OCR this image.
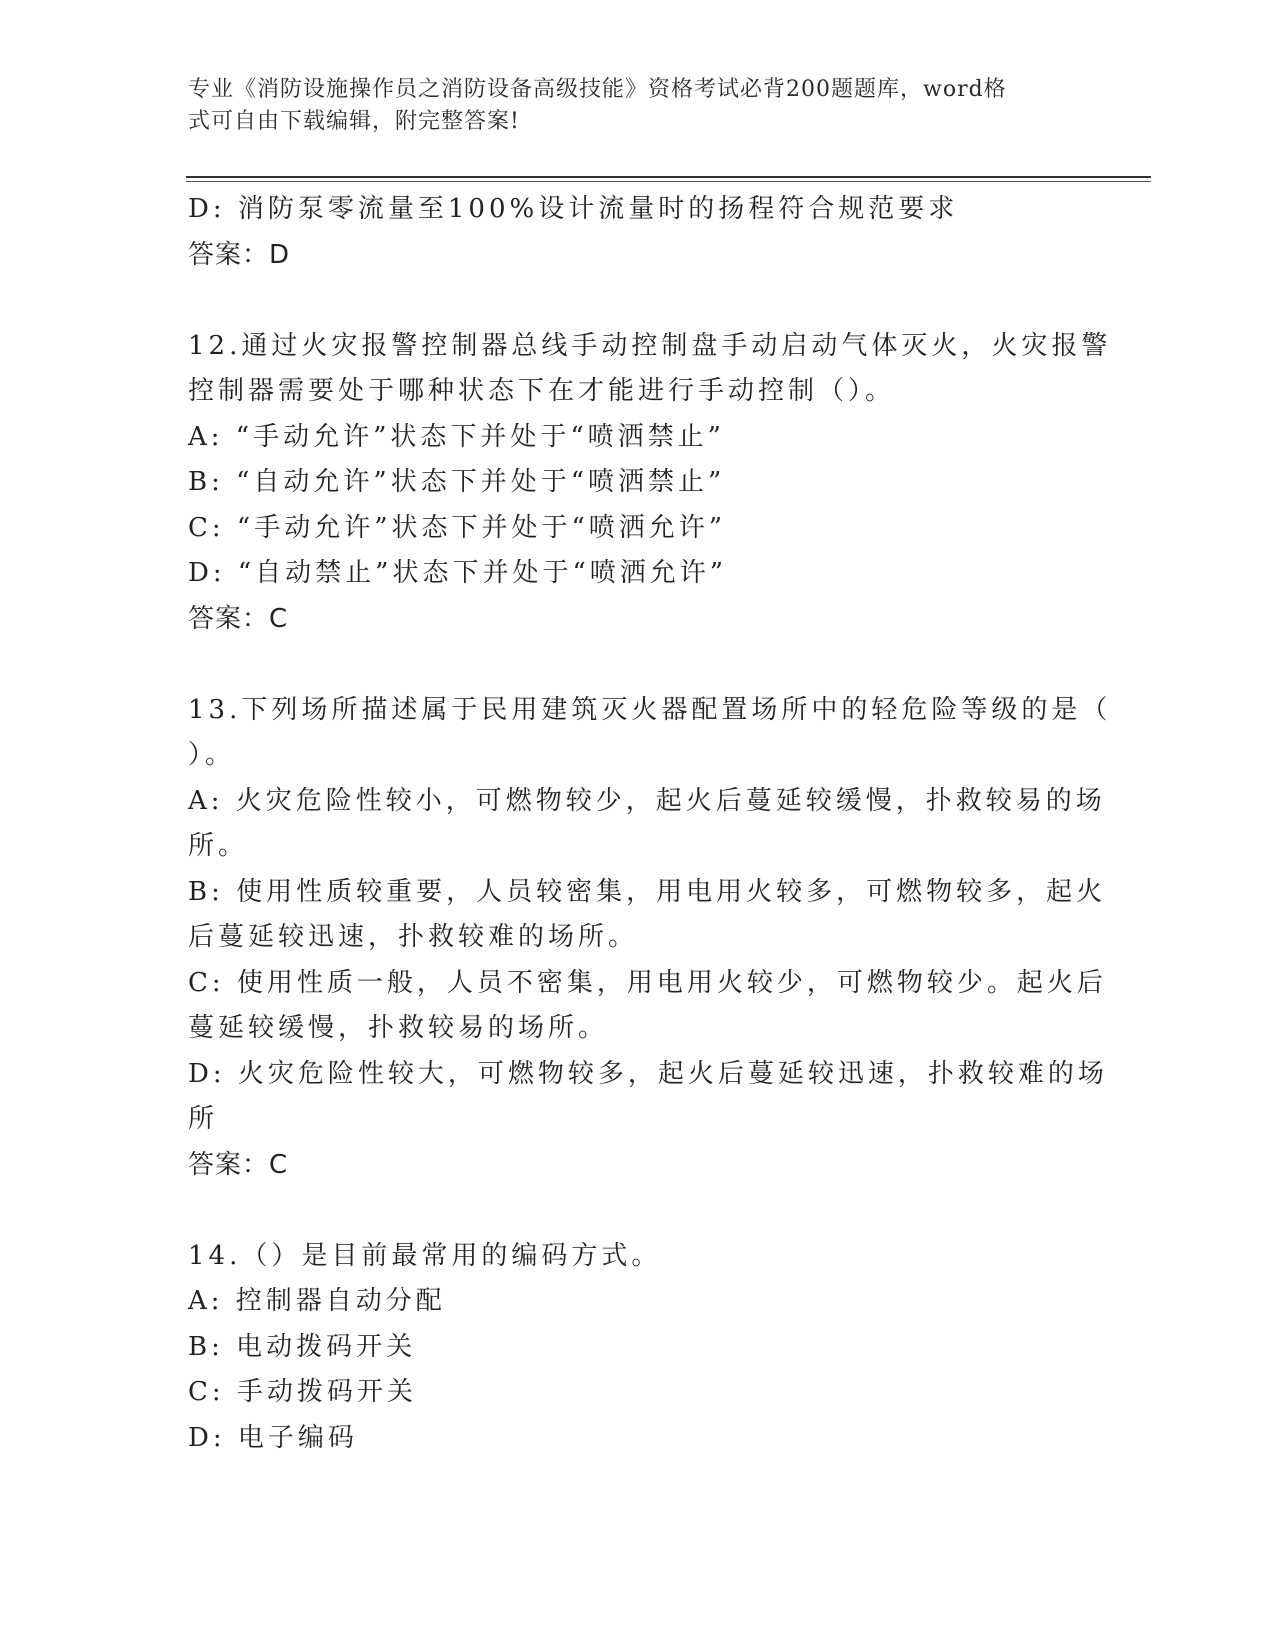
专业《消防设施操作员之消防设备高级技能》资格考试必背200题题库，word格
式可自由下载编辑，附完整答案!
D: 消防泵零流量至100%设计流量时的扬程符合规范要求
答案：D
12.通过火灾报警控制器总线手动控制盘手动启动气体灭火，火灾报警
控制器需要处于哪种状态下在才能进行手动控制（）。
A: “手动允许”状态下并处于“喷洒禁止”
B: “自动允许”状态下并处于“喷洒禁止”
C: “手动允许”状态下并处于“喷洒允许”
D: “自动禁止”状态下并处于“喷洒允许”
答案：C
13.下列场所描述属于民用建筑灭火器配置场所中的轻危险等级的是（
）。
A: 火灾危险性较小，可燃物较少，起火后蔓延较缓慢，扑救较易的场
所。
B: 使用性质较重要，人员较密集，用电用火较多，可燃物较多，起火
后蔓延较迅速，扑救较难的场所。
C: 使用性质一般，人员不密集，用电用火较少，可燃物较少。起火后
蔓延较缓慢，扑救较易的场所。
D: 火灾危险性较大，可燃物较多，起火后蔓延较迅速，扑救较难的场
所
答案：C
14.（）是目前最常用的编码方式。
A: 控制器自动分配
B: 电动拨码开关
C: 手动拨码开关
D: 电子编码
